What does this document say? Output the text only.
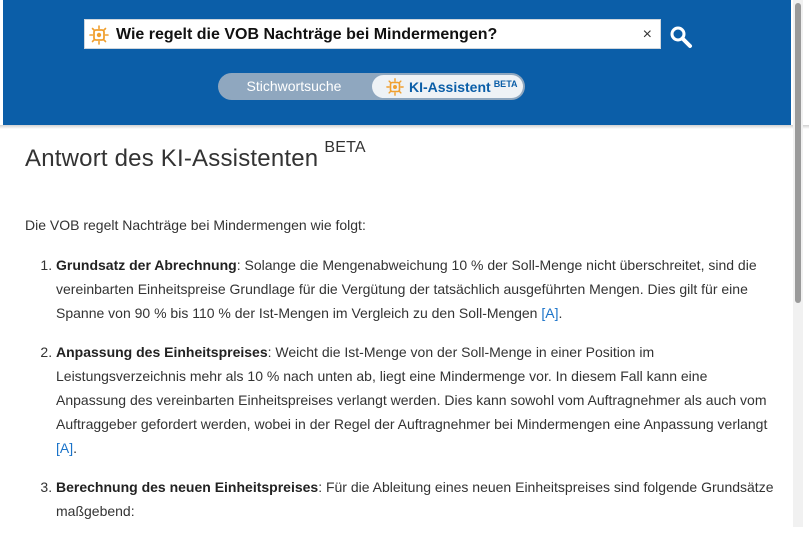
Wie regelt die VOB Nachträge bei Mindermengen?	×
Stichwortsuche	KI-Assistent $^{BETA}$
Antwort des KI-Assistenten $^{BETA}$

Die VOB regelt Nachträge bei Mindermengen wie folgt:

1. Grundsatz der Abrechnung: Solange die Mengenabweichung 10 % der Soll-Menge nicht überschreitet, sind die vereinbarten Einheitspreise Grundlage für die Vergütung der tatsächlich ausgeführten Mengen. Dies gilt für eine Spanne von 90 % bis 110 % der Ist-Mengen im Vergleich zu den Soll-Mengen [A].
2. Anpassung des Einheitspreises: Weicht die Ist-Menge von der Soll-Menge in einer Position im Leistungsverzeichnis mehr als 10 % nach unten ab, liegt eine Mindermenge vor. In diesem Fall kann eine Anpassung des vereinbarten Einheitspreises verlangt werden. Dies kann sowohl vom Auftragnehmer als auch vom Auftraggeber gefordert werden, wobei in der Regel der Auftragnehmer bei Mindermengen eine Anpassung verlangt [A].
3. Berechnung des neuen Einheitspreises: Für die Ableitung eines neuen Einheitspreises sind folgende Grundsätze maßgebend:
